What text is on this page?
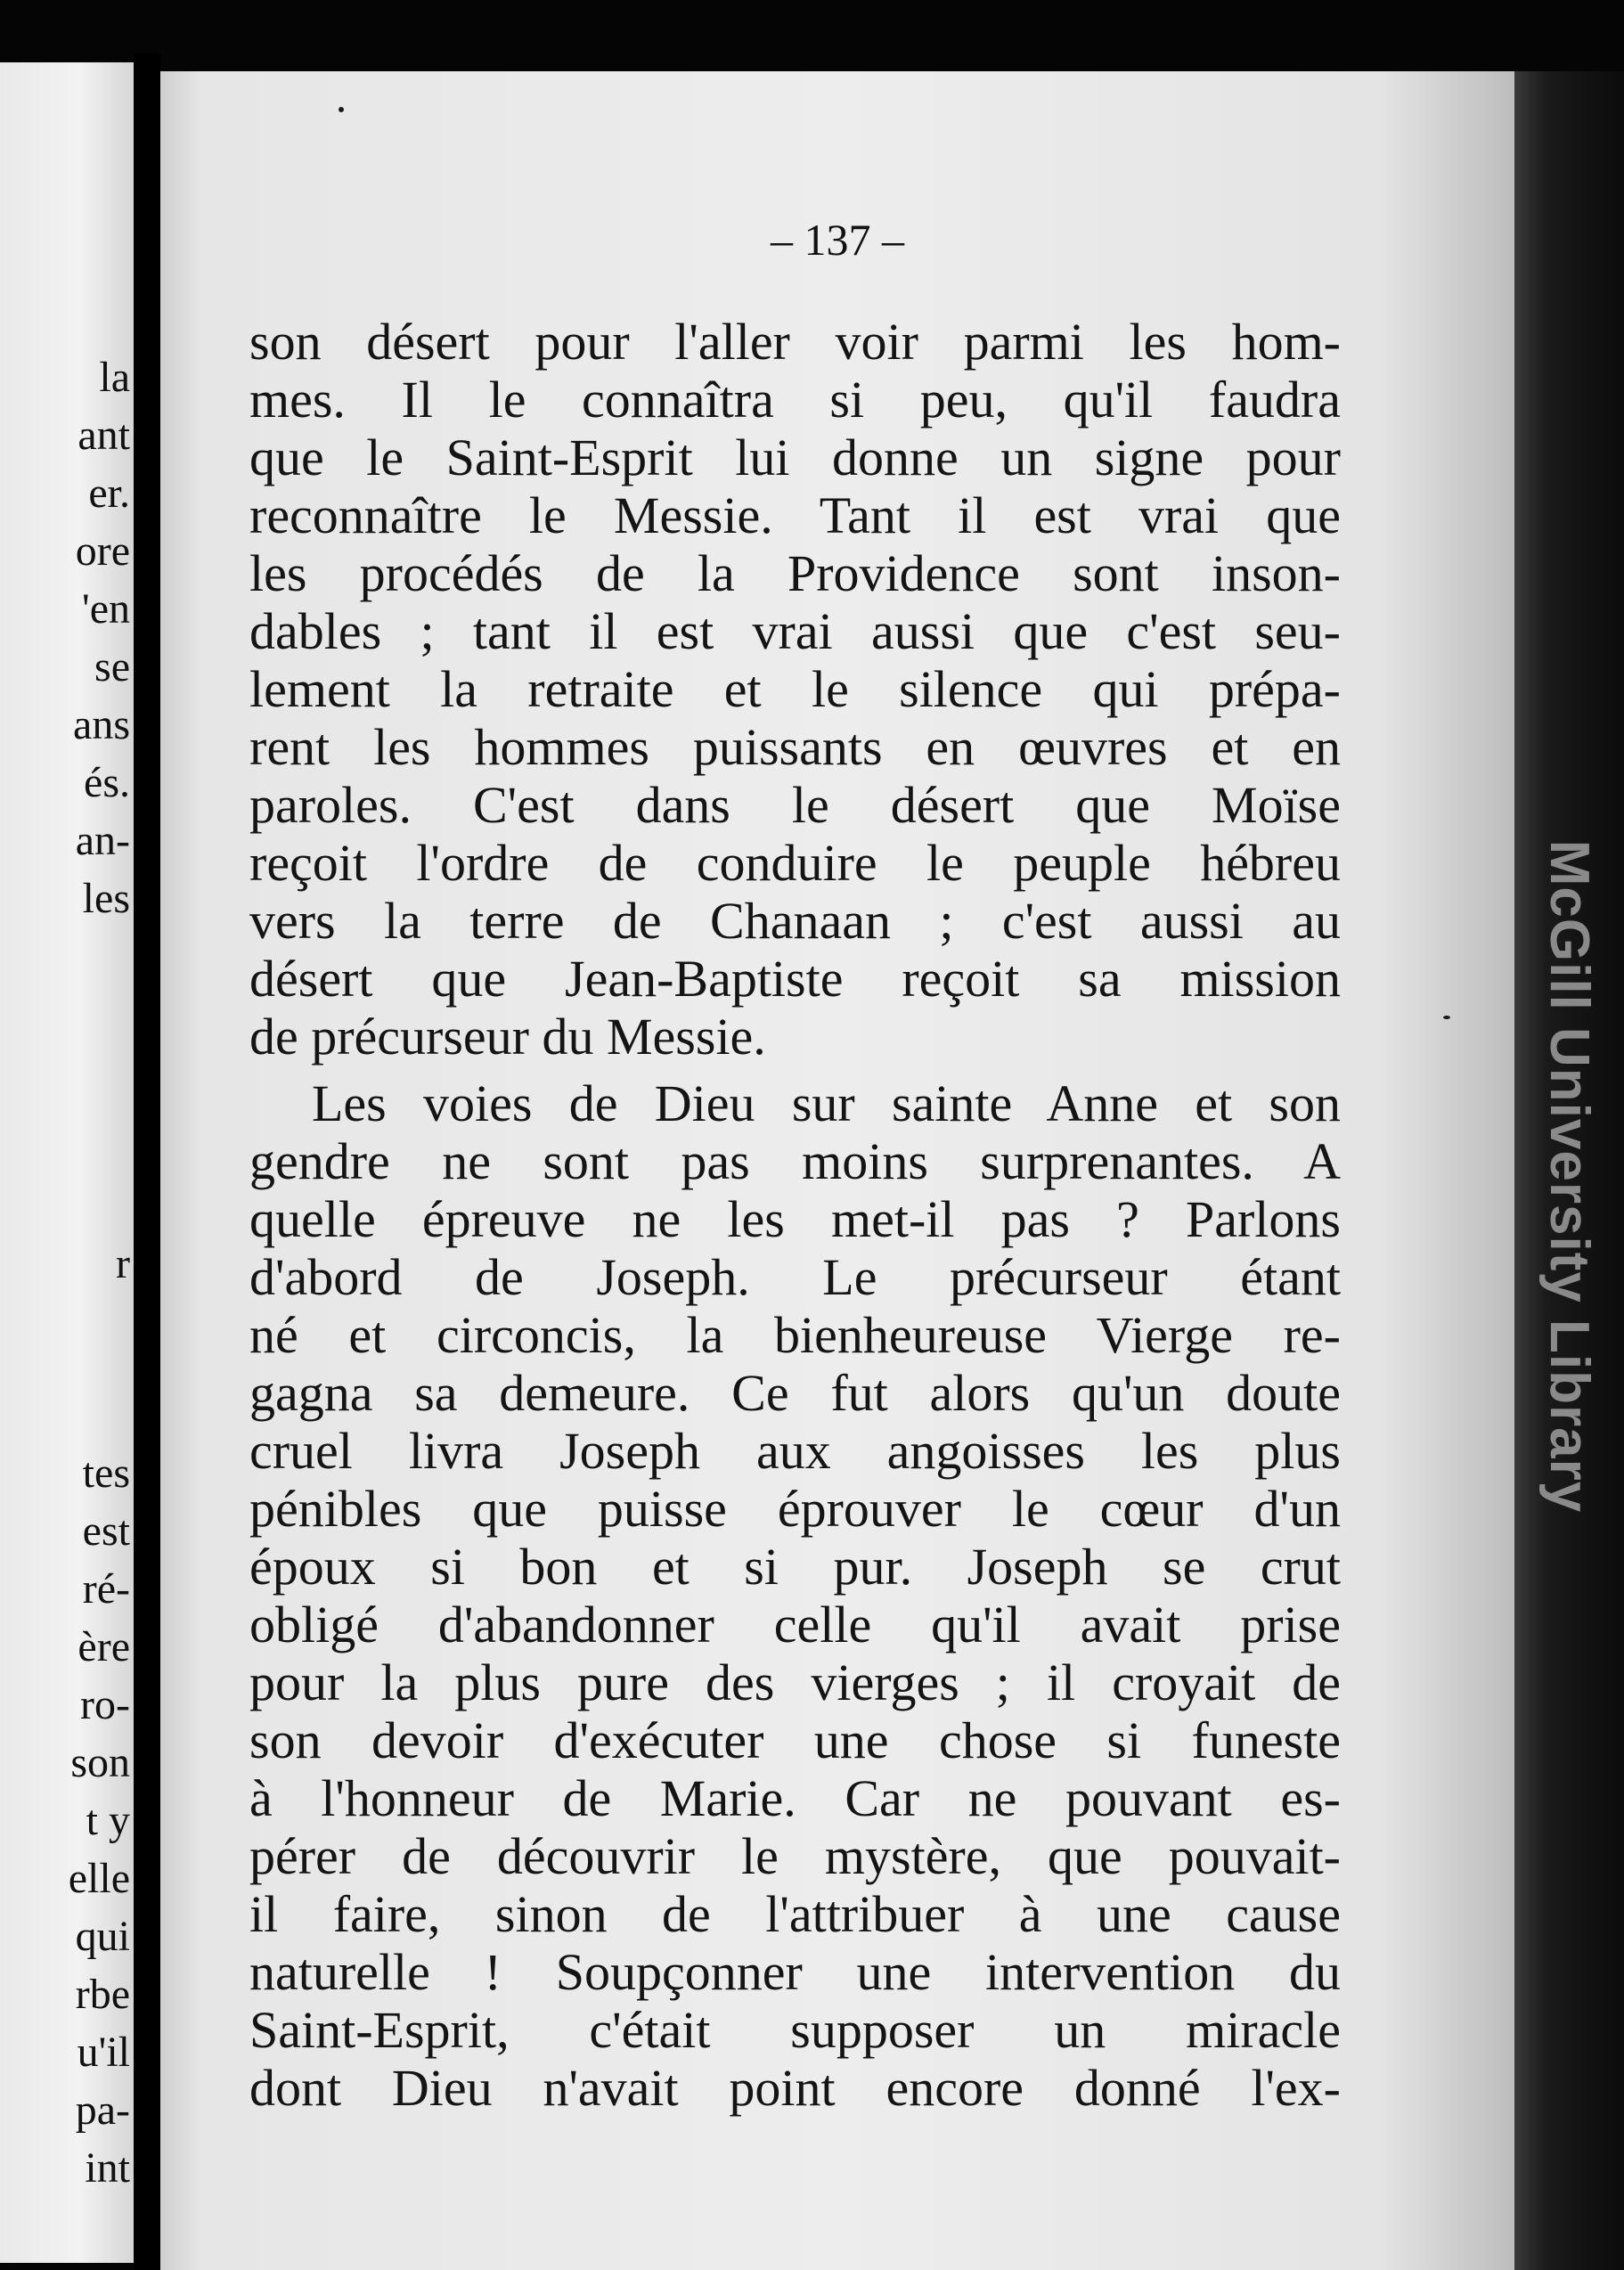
la

ant

er.

ore

'en

se

ans

és.

an-

les

r

tes

est

ré-

ère

ro-

son

t y

elle

qui

rbe

u'il

pa-

int

– 137 –

son désert pour l'aller voir parmi les hom-

mes. Il le connaîtra si peu, qu'il faudra

que le Saint-Esprit lui donne un signe pour

reconnaître le Messie. Tant il est vrai que

les procédés de la Providence sont inson-

dables ; tant il est vrai aussi que c'est seu-

lement la retraite et le silence qui prépa-

rent les hommes puissants en œuvres et en

paroles. C'est dans le désert que Moïse

reçoit l'ordre de conduire le peuple hébreu

vers la terre de Chanaan ; c'est aussi au

désert que Jean-Baptiste reçoit sa mission

de précurseur du Messie.

Les voies de Dieu sur sainte Anne et son

gendre ne sont pas moins surprenantes. A

quelle épreuve ne les met-il pas ? Parlons

d'abord de Joseph. Le précurseur étant

né et circoncis, la bienheureuse Vierge re-

gagna sa demeure. Ce fut alors qu'un doute

cruel livra Joseph aux angoisses les plus

pénibles que puisse éprouver le cœur d'un

époux si bon et si pur. Joseph se crut

obligé d'abandonner celle qu'il avait prise

pour la plus pure des vierges ; il croyait de

son devoir d'exécuter une chose si funeste

à l'honneur de Marie. Car ne pouvant es-

pérer de découvrir le mystère, que pouvait-

il faire, sinon de l'attribuer à une cause

naturelle ! Soupçonner une intervention du

Saint-Esprit, c'était supposer un miracle

dont Dieu n'avait point encore donné l'ex-

McGill University Library
